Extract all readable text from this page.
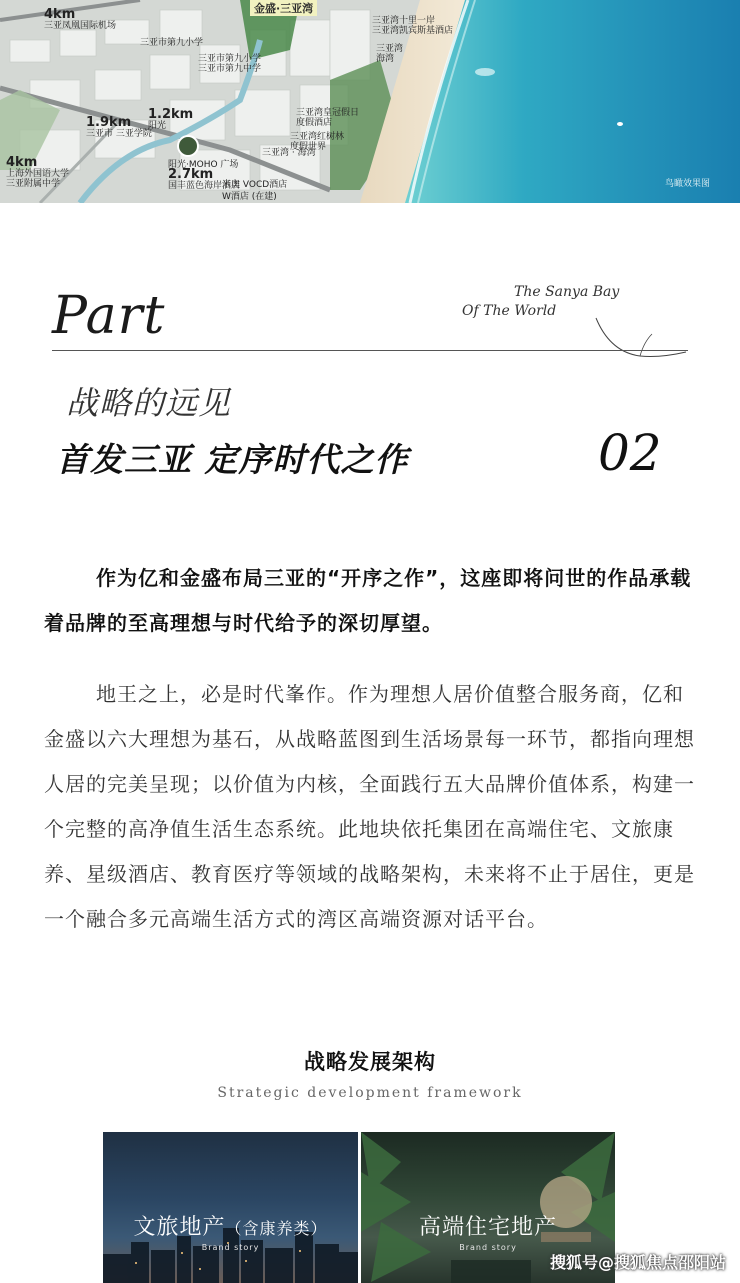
金盛·三亚湾
4km
三亚凤凰国际机场
三亚市第九小学
三亚市第九小学
三亚市第九中学
1.9km
三亚市 三亚学院
1.2km
阳光
4km
上海外国语大学
三亚附属中学
阳光·MOHO 广场
2.7km
国丰蓝色海岸酒店
三亚湾十里一岸
三亚湾凯宾斯基酒店
三亚湾皇冠假日
度假酒店
三亚湾红树林
度假世界
三亚湾 · 海湾
三亚湾
海湾
米奥 VOCD酒店
W酒店 (在建)
鸟瞰效果图
Part	The Sanya Bay
Of The World
战略的远见
首发三亚 定序时代之作	02
作为亿和金盛布局三亚的“开序之作”，这座即将问世的作品承载着品牌的至高理想与时代给予的深切厚望。
地王之上，必是时代峯作。作为理想人居价值整合服务商，亿和金盛以六大理想为基石，从战略蓝图到生活场景每一环节，都指向理想人居的完美呈现；以价值为内核，全面践行五大品牌价值体系，构建一个完整的高净值生活生态系统。此地块依托集团在高端住宅、文旅康养、星级酒店、教育医疗等领域的战略架构，未来将不止于居住，更是一个融合多元高端生活方式的湾区高端资源对话平台。
战略发展架构
Strategic development framework
文旅地产（含康养类）
Brand story
高端住宅地产
Brand story
搜狐号@搜狐焦点邵阳站
